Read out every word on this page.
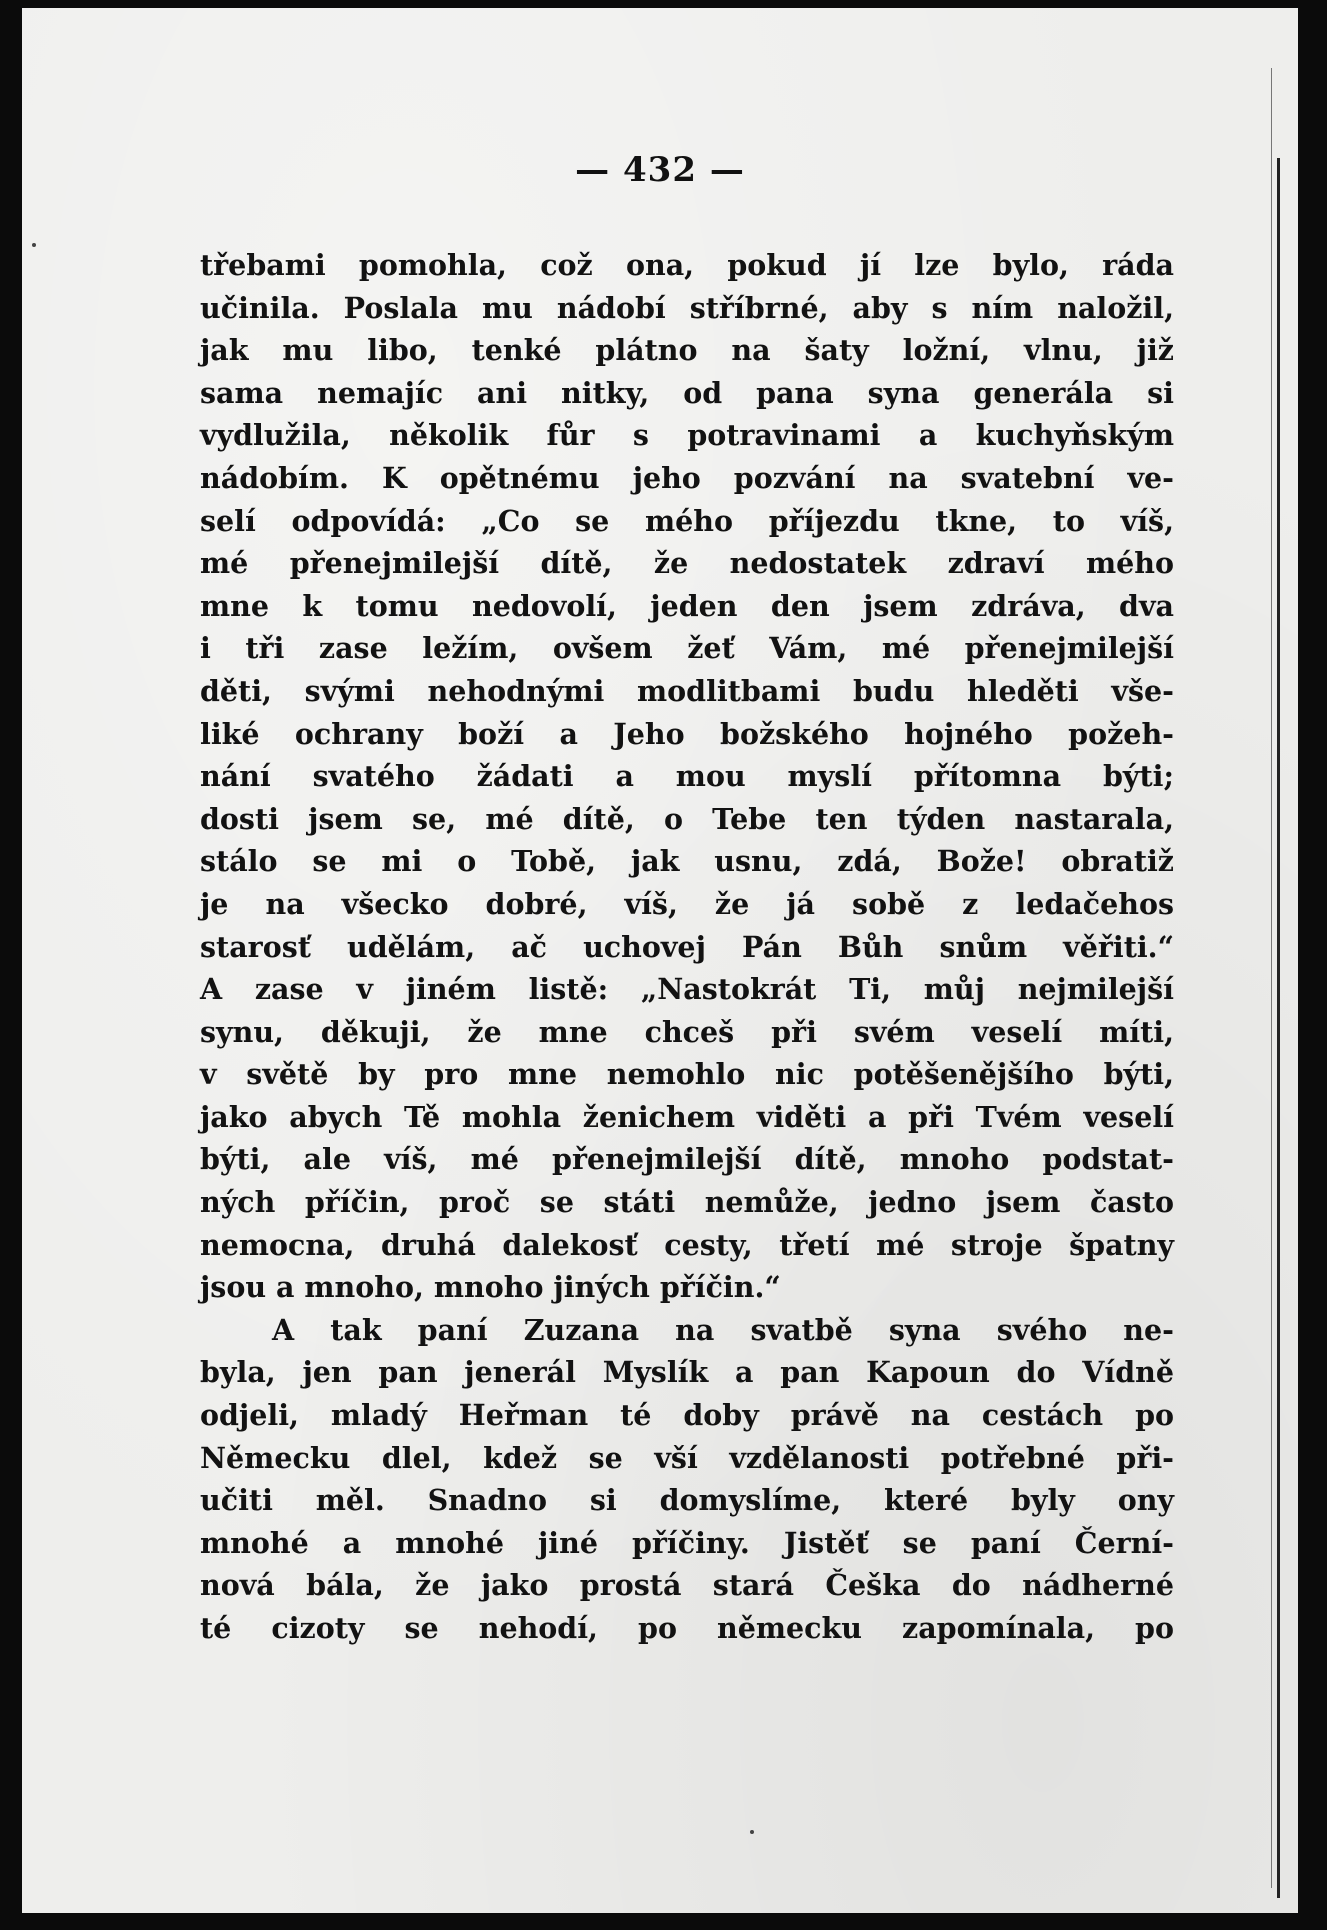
— 432 —
třebami pomohla, což ona, pokud jí lze bylo, ráda
učinila. Poslala mu nádobí stříbrné, aby s ním naložil,
jak mu libo, tenké plátno na šaty ložní, vlnu, již
sama nemajíc ani nitky, od pana syna generála si
vydlužila, několik fůr s potravinami a kuchyňským
nádobím. K opětnému jeho pozvání na svatební ve-
selí odpovídá: „Co se mého příjezdu tkne, to víš,
mé přenejmilejší dítě, že nedostatek zdraví mého
mne k tomu nedovolí, jeden den jsem zdráva, dva
i tři zase ležím, ovšem žeť Vám, mé přenejmilejší
děti, svými nehodnými modlitbami budu hleděti vše-
liké ochrany boží a Jeho božského hojného požeh-
nání svatého žádati a mou myslí přítomna býti;
dosti jsem se, mé dítě, o Tebe ten týden nastarala,
stálo se mi o Tobě, jak usnu, zdá, Bože! obratiž
je na všecko dobré, víš, že já sobě z ledačehos
starosť udělám, ač uchovej Pán Bůh snům věřiti.“
A zase v jiném listě: „Nastokrát Ti, můj nejmilejší
synu, děkuji, že mne chceš při svém veselí míti,
v světě by pro mne nemohlo nic potěšenějšího býti,
jako abych Tě mohla ženichem viděti a při Tvém veselí
býti, ale víš, mé přenejmilejší dítě, mnoho podstat-
ných příčin, proč se státi nemůže, jedno jsem často
nemocna, druhá dalekosť cesty, třetí mé stroje špatny
jsou a mnoho, mnoho jiných příčin.“
A tak paní Zuzana na svatbě syna svého ne-
byla, jen pan jenerál Myslík a pan Kapoun do Vídně
odjeli, mladý Heřman té doby právě na cestách po
Německu dlel, kdež se vší vzdělanosti potřebné při-
učiti měl. Snadno si domyslíme, které byly ony
mnohé a mnohé jiné příčiny. Jistěť se paní Černí-
nová bála, že jako prostá stará Češka do nádherné
té cizoty se nehodí, po německu zapomínala, po
